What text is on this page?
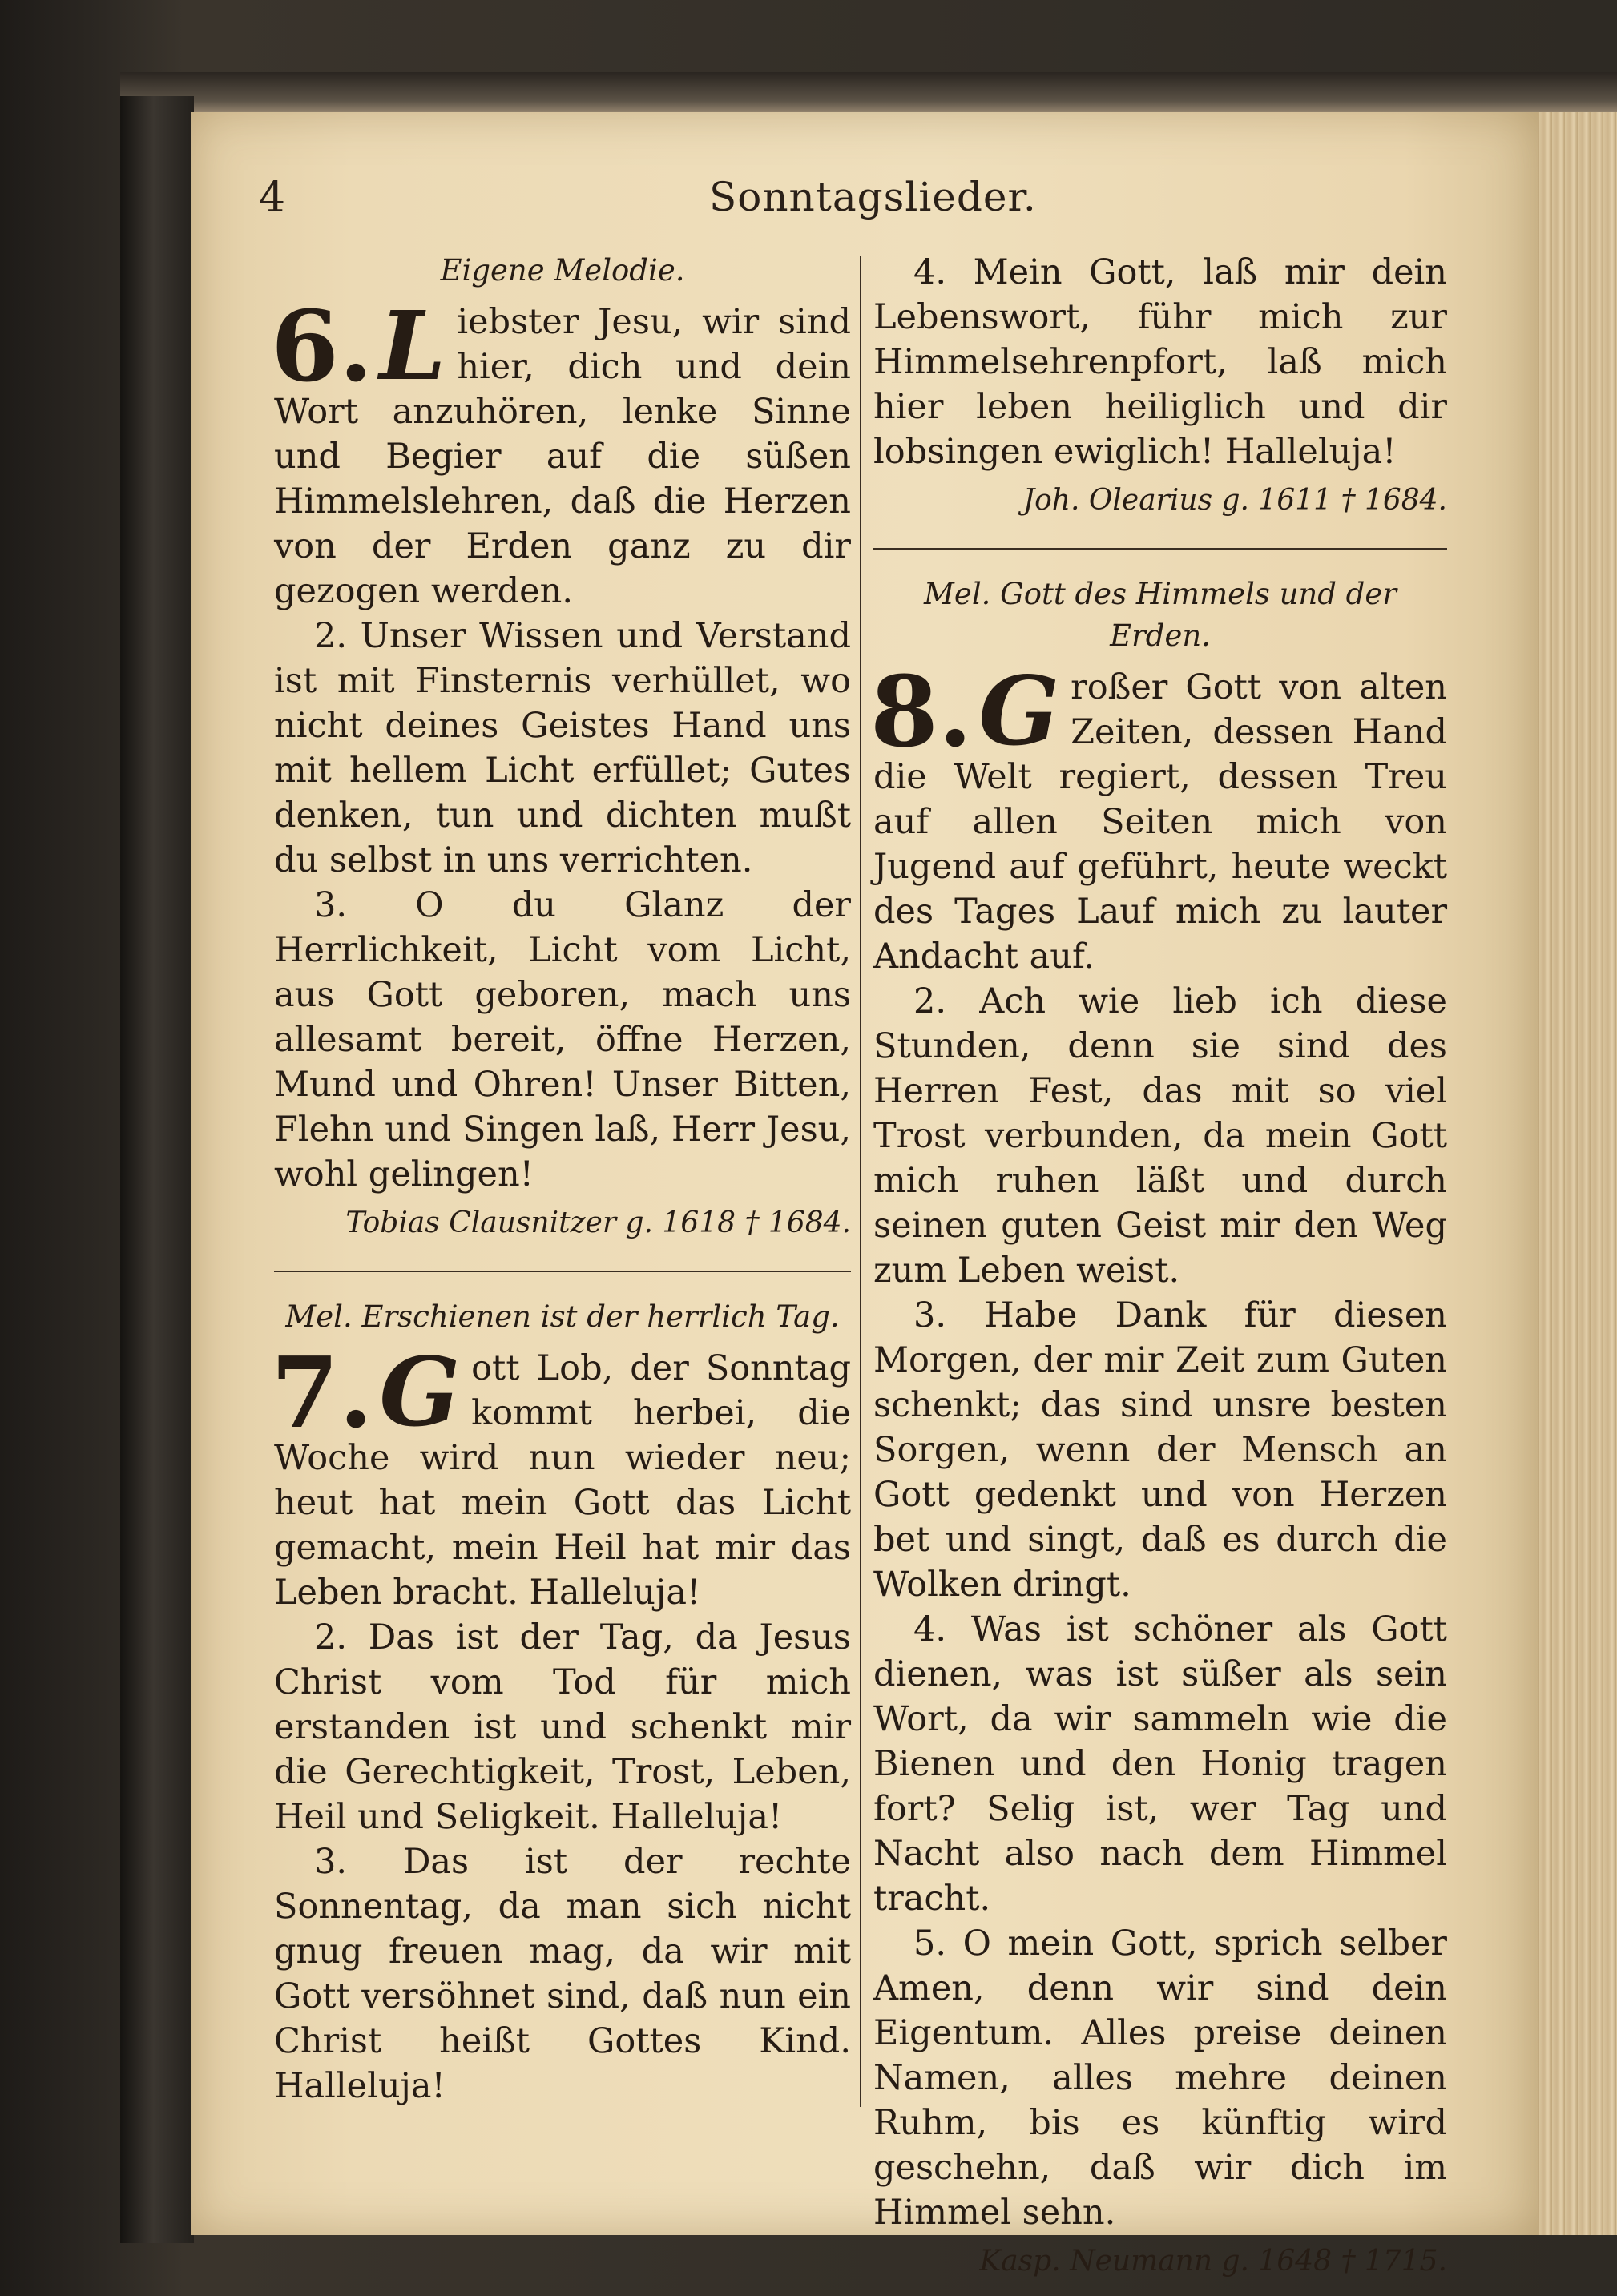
4	Sonntagslieder.
Eigene Melodie.

6. L iebster Jesu, wir sind hier, dich und dein Wort anzuhören, lenke Sinne und Begier auf die süßen Himmelslehren, daß die Herzen von der Erden ganz zu dir gezogen werden.

2. Unser Wissen und Verstand ist mit Finsternis verhüllet, wo nicht deines Geistes Hand uns mit hellem Licht erfüllet; Gutes denken, tun und dichten mußt du selbst in uns verrichten.

3. O du Glanz der Herrlichkeit, Licht vom Licht, aus Gott geboren, mach uns allesamt bereit, öffne Herzen, Mund und Ohren! Unser Bitten, Flehn und Singen laß, Herr Jesu, wohl gelingen!

Tobias Clausnitzer g. 1618 † 1684.
Mel. Erschienen ist der herrlich Tag.

7. G ott Lob, der Sonntag kommt herbei, die Woche wird nun wieder neu; heut hat mein Gott das Licht gemacht, mein Heil hat mir das Leben bracht. Halleluja!

2. Das ist der Tag, da Jesus Christ vom Tod für mich erstanden ist und schenkt mir die Gerechtigkeit, Trost, Leben, Heil und Seligkeit. Halleluja!

3. Das ist der rechte Sonnentag, da man sich nicht gnug freuen mag, da wir mit Gott versöhnet sind, daß nun ein Christ heißt Gottes Kind. Halleluja!

4. Mein Gott, laß mir dein Lebenswort, führ mich zur Himmelsehrenpfort, laß mich hier leben heiliglich und dir lobsingen ewiglich! Halleluja!

Joh. Olearius g. 1611 † 1684.
Mel. Gott des Himmels und der Erden.

8. G roßer Gott von alten Zeiten, dessen Hand die Welt regiert, dessen Treu auf allen Seiten mich von Jugend auf geführt, heute weckt des Tages Lauf mich zu lauter Andacht auf.

2. Ach wie lieb ich diese Stunden, denn sie sind des Herren Fest, das mit so viel Trost verbunden, da mein Gott mich ruhen läßt und durch seinen guten Geist mir den Weg zum Leben weist.

3. Habe Dank für diesen Morgen, der mir Zeit zum Guten schenkt; das sind unsre besten Sorgen, wenn der Mensch an Gott gedenkt und von Herzen bet und singt, daß es durch die Wolken dringt.

4. Was ist schöner als Gott dienen, was ist süßer als sein Wort, da wir sammeln wie die Bienen und den Honig tragen fort? Selig ist, wer Tag und Nacht also nach dem Himmel tracht.

5. O mein Gott, sprich selber Amen, denn wir sind dein Eigentum. Alles preise deinen Namen, alles mehre deinen Ruhm, bis es künftig wird geschehn, daß wir dich im Himmel sehn.

Kasp. Neumann g. 1648 † 1715.
